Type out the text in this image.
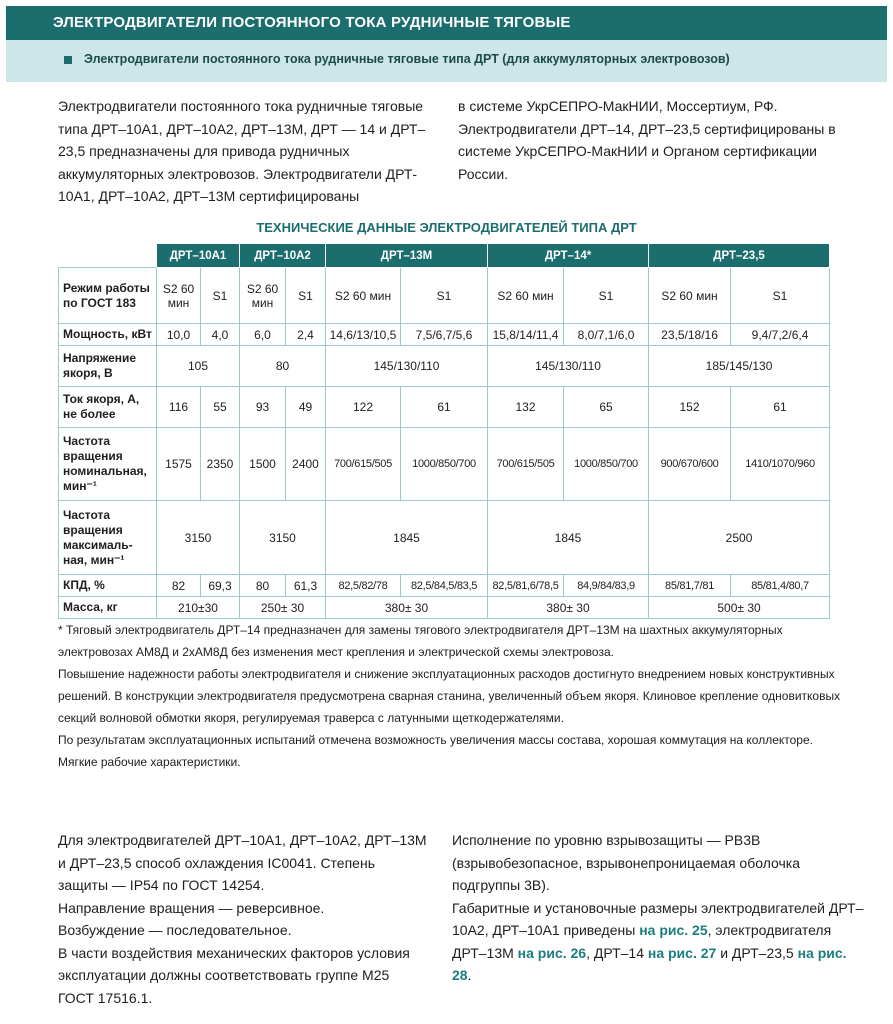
ЭЛЕКТРОДВИГАТЕЛИ ПОСТОЯННОГО ТОКА РУДНИЧНЫЕ ТЯГОВЫЕ
Электродвигатели постоянного тока рудничные тяговые типа ДРТ (для аккумуляторных электровозов)
Электродвигатели постоянного тока рудничные тяговые типа ДРТ–10А1, ДРТ–10А2, ДРТ–13М, ДРТ — 14 и ДРТ–23,5 предназначены для привода рудничных аккумуляторных электровозов. Электродвигатели ДРТ- 10А1, ДРТ–10А2, ДРТ–13М сертифицированы
в системе УкрСЕПРО-МакНИИ, Моссертиум, РФ. Электродвигатели ДРТ–14, ДРТ–23,5 сертифицированы в системе УкрСЕПРО-МакНИИ и Органом сертификации России.
ТЕХНИЧЕСКИЕ ДАННЫЕ ЭЛЕКТРОДВИГАТЕЛЕЙ ТИПА ДРТ
	ДРТ–10А1		ДРТ–10А2		ДРТ–13М		ДРТ–14*		ДРТ–23,5	
Режим работы по ГОСТ 183	S2 60 мин	S1	S2 60 мин	S1	S2 60 мин	S1	S2 60 мин	S1	S2 60 мин	S1
Мощность, кВт	10,0	4,0	6,0	2,4	14,6/13/10,5	7,5/6,7/5,6	15,8/14/11,4	8,0/7,1/6,0	23,5/18/16	9,4/7,2/6,4
Напряжение якоря, В	105		80		145/130/110		145/130/110		185/145/130	
Ток якоря, А, не более	116	55	93	49	122	61	132	65	152	61
Частота вращения номинальная, мин⁻¹	1575	2350	1500	2400	700/615/505	1000/850/700	700/615/505	1000/850/700	900/670/600	1410/1070/960
Частота вращения максималь-ная, мин⁻¹	3150		3150		1845		1845		2500	
КПД, %	82	69,3	80	61,3	82,5/82/78	82,5/84,5/83,5	82,5/81,6/78,5	84,9/84/83,9	85/81,7/81	85/81,4/80,7
Масса, кг	210±30		250± 30		380± 30		380± 30		500± 30	

* Тяговый электродвигатель ДРТ–14 предназначен для замены тягового электродвигателя ДРТ–13М на шахтных аккумуляторных электровозах АМ8Д и 2хАМ8Д без изменения мест крепления и электрической схемы электровоза.

Повышение надежности работы электродвигателя и снижение эксплуатационных расходов достигнуто внедрением новых конструктивных решений. В конструкции электродвигателя предусмотрена сварная станина, увеличенный объем якоря. Клиновое крепление одновитковых секций волновой обмотки якоря, регулируемая траверса с латунными щеткодержателями.

По результатам эксплуатационных испытаний отмечена возможность увеличения массы состава, хорошая коммутация на коллекторе. Мягкие рабочие характеристики.

Для электродвигателей ДРТ–10А1, ДРТ–10А2, ДРТ–13М и ДРТ–23,5 способ охлаждения IC0041. Степень защиты — IP54 по ГОСТ 14254.

Направление вращения — реверсивное.

Возбуждение — последовательное.

В части воздействия механических факторов условия эксплуатации должны соответствовать группе М25 ГОСТ 17516.1.

Исполнение по уровню взрывозащиты — РВ3В (взрывобезопасное, взрывонепроницаемая оболочка подгруппы 3В).

Габаритные и установочные размеры электродвигателей ДРТ–10А2, ДРТ–10А1 приведены на рис. 25, электродвигателя ДРТ–13М на рис. 26, ДРТ–14 на рис. 27 и ДРТ–23,5 на рис. 28.
